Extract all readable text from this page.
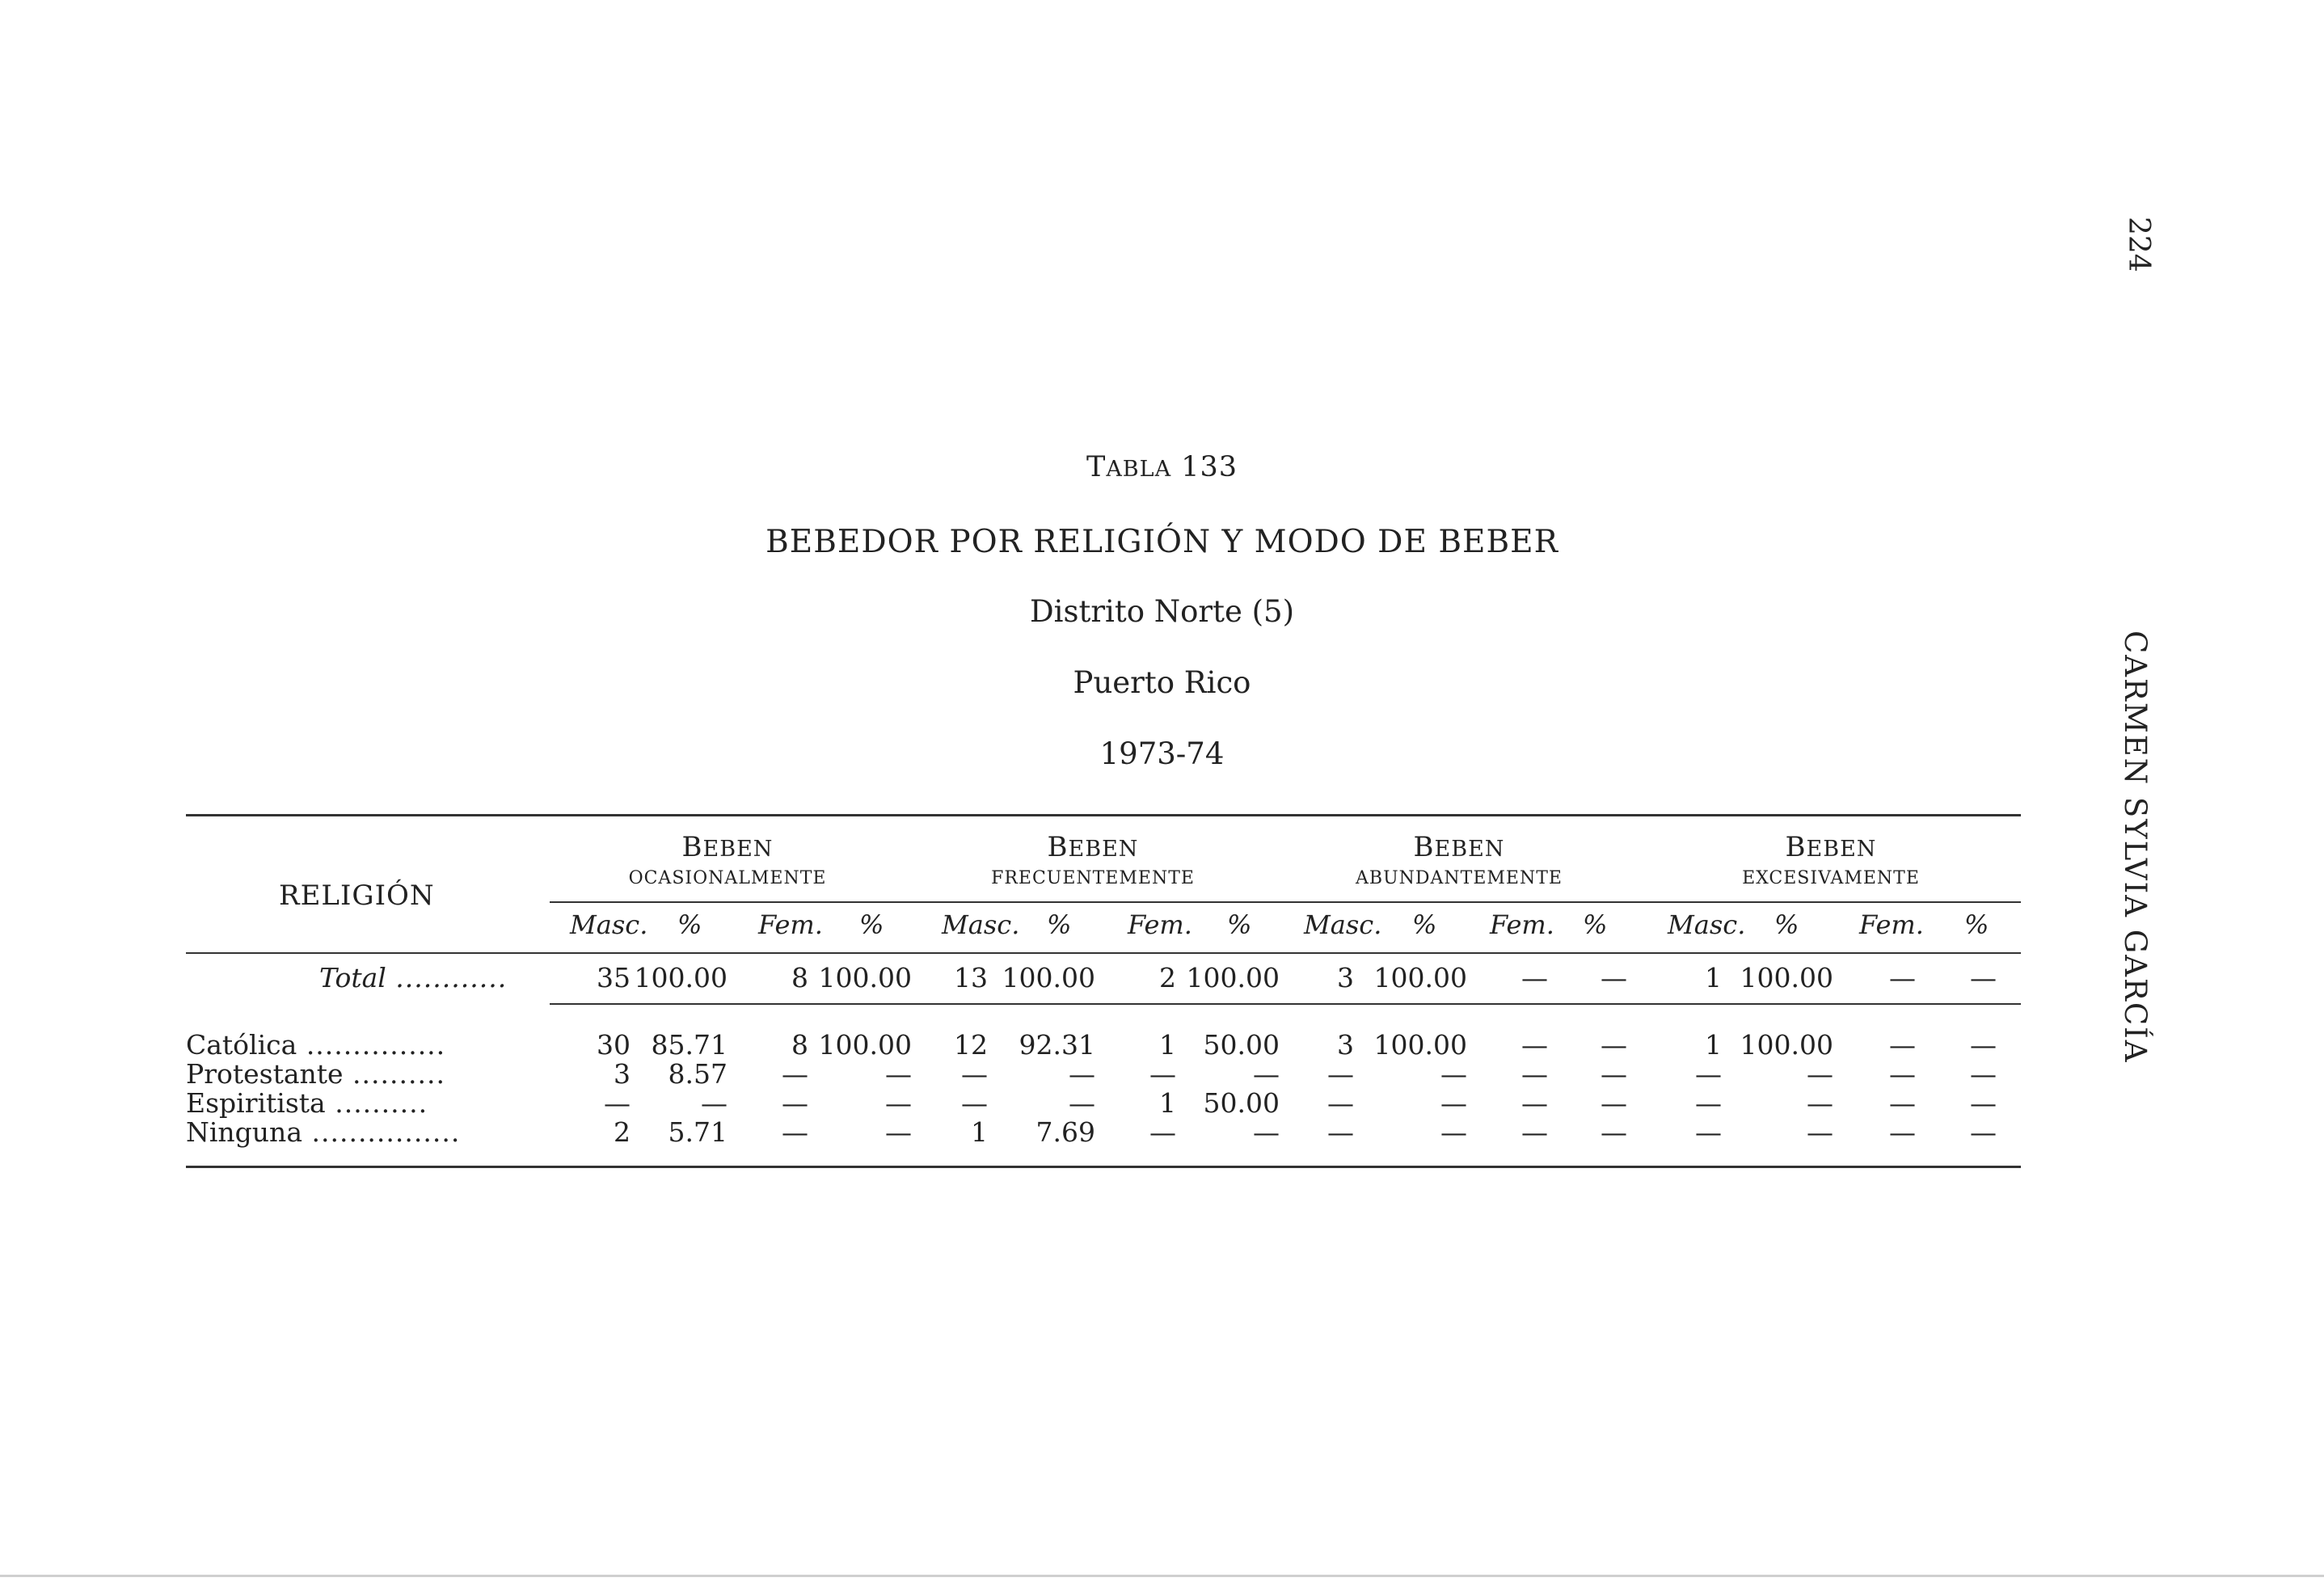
224
CARMEN SYLVIA GARCÍA
TABLA 133
BEBEDOR POR RELIGIÓN Y MODO DE BEBER
Distrito Norte (5)
Puerto Rico
1973-74
RELIGIÓN
BEBEN
OCASIONALMENTE
BEBEN
FRECUENTEMENTE
BEBEN
ABUNDANTEMENTE
BEBEN
EXCESIVAMENTE
Masc. % Fem. % Masc. % Fem. % Masc. % Fem. % Masc. % Fem. %
Total ............	35 100.00	8 100.00	13 100.00	2 100.00	3 100.00	—	—	1 100.00	—	—
Católica ...............	30 85.71	8 100.00	12	92.31	1	50.00	3 100.00	—	—	1 100.00	—	—
Protestante ..........	3	8.57	—	—	—	—	—	—	—	—	—	—	—	—	—	—
Espiritista ..........	—	—	—	—	—	—	1	50.00	—	—	—	—	—	—	—	—
Ninguna ................	2	5.71	—	—	1	7.69	—	—	—	—	—	—	—	—	—	—
